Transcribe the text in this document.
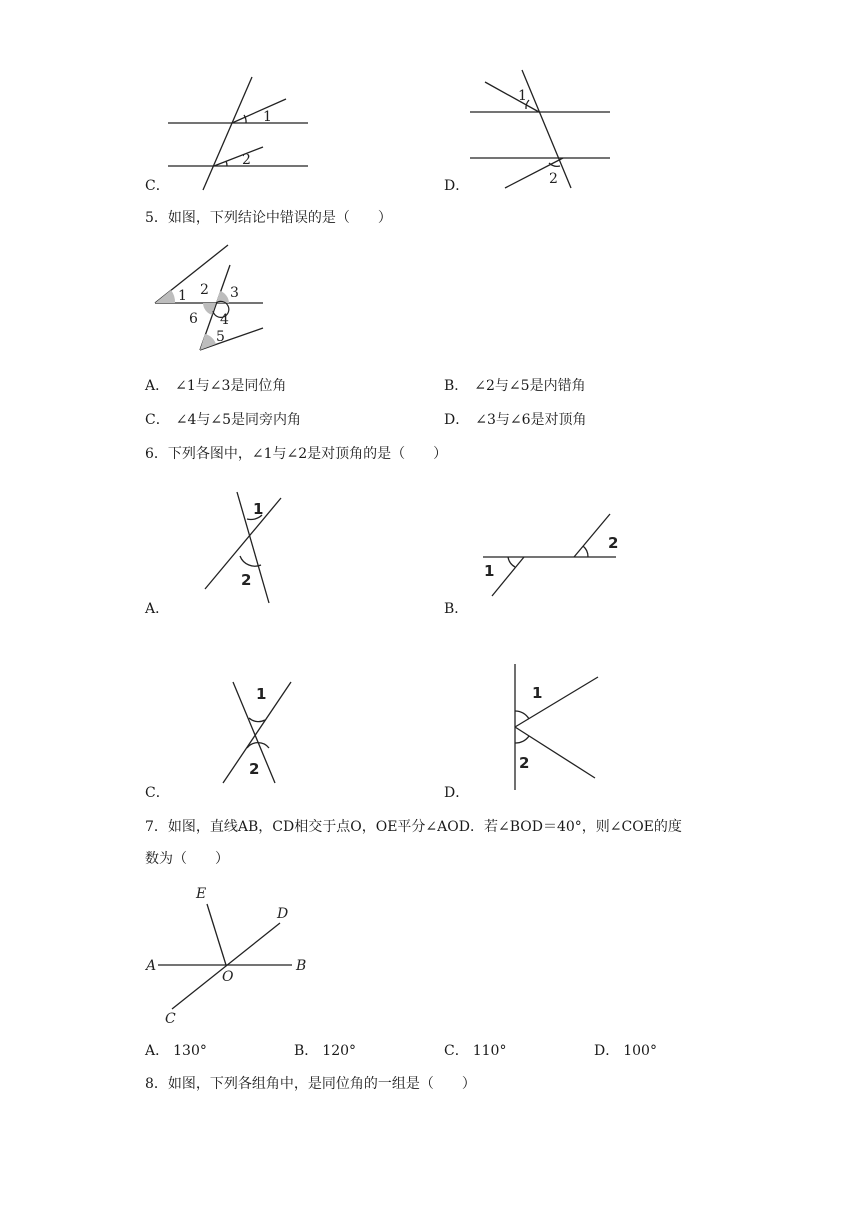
1
2
C．
1
2
D．
5．如图，下列结论中错误的是（　　）
1 2 3
6 4
5
A． ∠1与∠3是同位角	B． ∠2与∠5是内错角
C． ∠4与∠5是同旁内角	D． ∠3与∠6是对顶角
6．下列各图中，∠1与∠2是对顶角的是（　　）
1
2
A．
1
2
B．
1
2
C．
1
2
D．
7．如图，直线AB，CD相交于点O，OE平分∠AOD．若∠BOD＝40°，则∠COE的度
数为（　　）
A	B
C
D
E
O
A． 130°	B． 120°	C． 110°	D． 100°
8．如图，下列各组角中，是同位角的一组是（　　）
